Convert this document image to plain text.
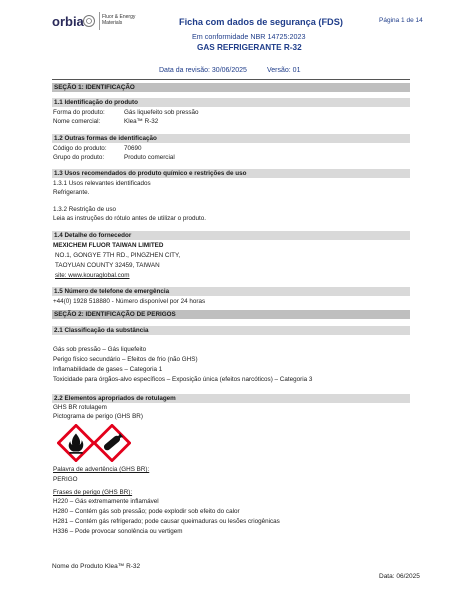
orbia	Fluor & Energy
Materials	Ficha com dados de segurança (FDS)
Em conformidade NBR 14725:2023
GAS REFRIGERANTE R-32
Página 1 de 14
Data da revisão: 30/06/2025	Versão: 01
SEÇÃO 1: IDENTIFICAÇÃO
1.1 Identificação do produto
Forma do produto:	Gás liquefeito sob pressão
Nome comercial:	Klea™ R-32
1.2 Outras formas de identificação
Código do produto:	70690
Grupo do produto:	Produto comercial
1.3 Usos recomendados do produto químico e restrições de uso
1.3.1 Usos relevantes identificados
Refrigerante.
1.3.2 Restrição de uso
Leia as instruções do rótulo antes de utilizar o produto.
1.4 Detalhe do fornecedor
MEXICHEM FLUOR TAIWAN LIMITED
NO.1, GONGYE 7TH RD., PINGZHEN CITY,
TAOYUAN COUNTY 32459, TAIWAN
site: www.kouraglobal.com
1.5 Número de telefone de emergência
+44(0) 1928 518880 - Número disponível por 24 horas
SEÇÃO 2: IDENTIFICAÇÃO DE PERIGOS
2.1 Classificação da substância
Gás sob pressão – Gás liquefeito
Perigo físico secundário – Efeitos de frio (não GHS)
Inflamabilidade de gases – Categoria 1
Toxicidade para órgãos-alvo específicos – Exposição única (efeitos narcóticos) – Categoria 3
2.2 Elementos apropriados de rotulagem
GHS BR rotulagem
Pictograma de perigo (GHS BR)
Palavra de advertência (GHS BR):
PERIGO
Frases de perigo (GHS BR):
H220 – Gás extremamente inflamável
H280 – Contém gás sob pressão; pode explodir sob efeito do calor
H281 – Contém gás refrigerado; pode causar queimaduras ou lesões criogênicas
H336 – Pode provocar sonolência ou vertigem
Nome do Produto Klea™ R-32
Data: 06/2025
